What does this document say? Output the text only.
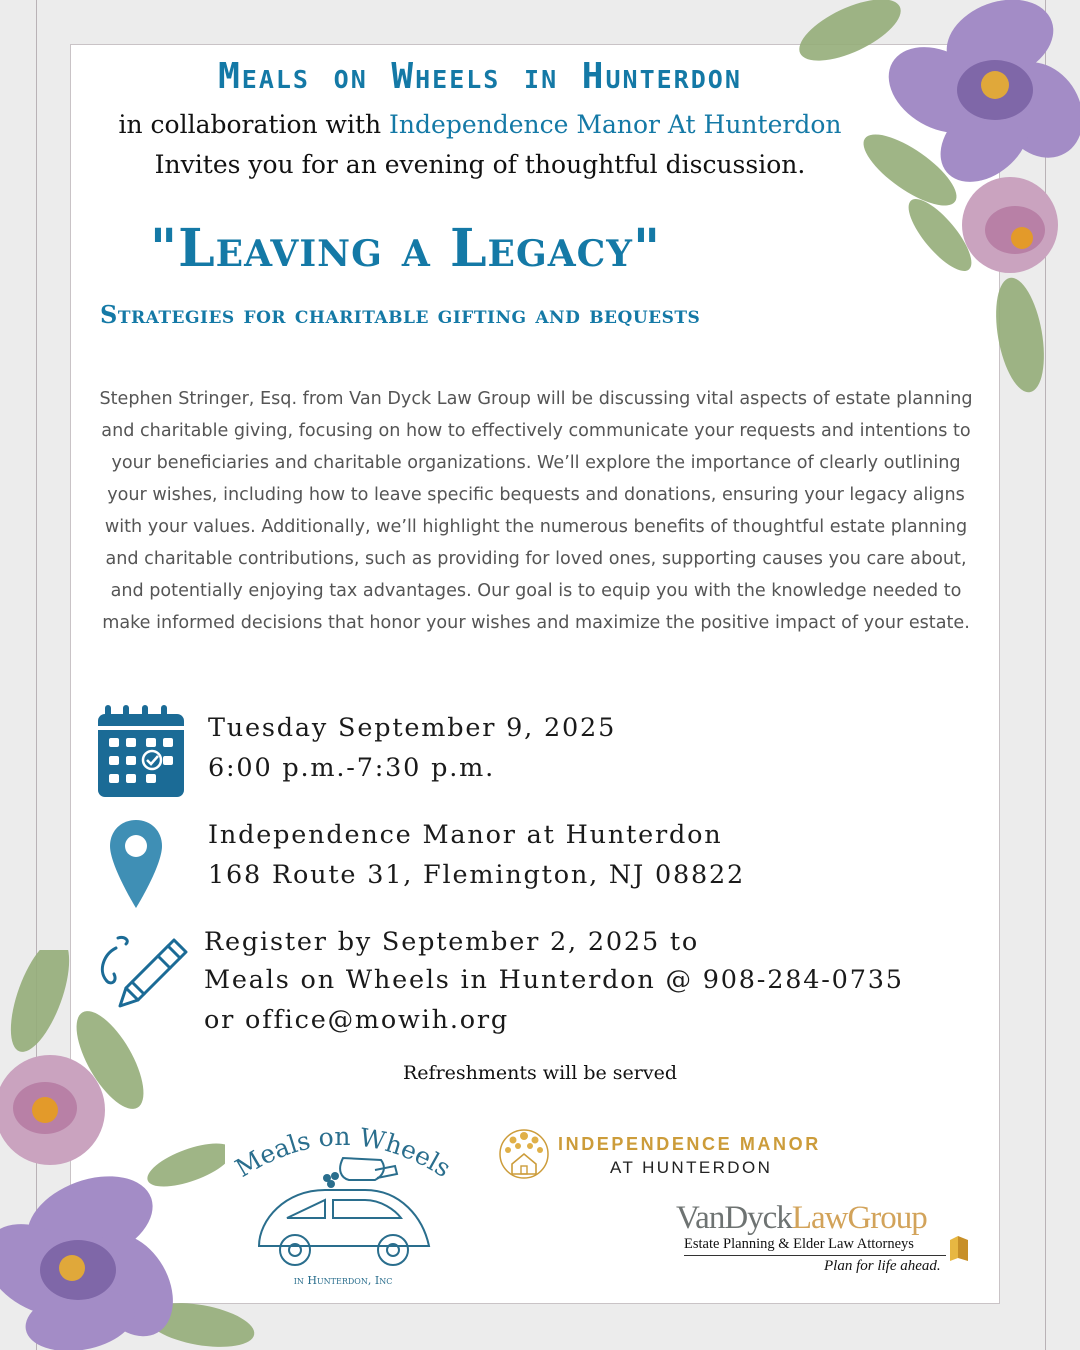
Meals on Wheels in Hunterdon
in collaboration with Independence Manor At Hunterdon
Invites you for an evening of thoughtful discussion.
"Leaving a Legacy"
Strategies for charitable gifting and bequests
Stephen Stringer, Esq. from Van Dyck Law Group will be discussing vital aspects of estate planning and charitable giving, focusing on how to effectively communicate your requests and intentions to your beneficiaries and charitable organizations. We’ll explore the importance of clearly outlining your wishes, including how to leave specific bequests and donations, ensuring your legacy aligns with your values. Additionally, we’ll highlight the numerous benefits of thoughtful estate planning and charitable contributions, such as providing for loved ones, supporting causes you care about, and potentially enjoying tax advantages. Our goal is to equip you with the knowledge needed to make informed decisions that honor your wishes and maximize the positive impact of your estate.
Tuesday September 9, 2025
6:00 p.m.-7:30 p.m.
Independence Manor at Hunterdon
168 Route 31, Flemington, NJ 08822
Register by September 2, 2025 to
Meals on Wheels in Hunterdon @ 908-284-0735
or office@mowih.org
Refreshments will be served
Meals on Wheels
in Hunterdon, Inc
INDEPENDENCE MANOR
AT HUNTERDON
VanDyckLawGroup
Estate Planning & Elder Law Attorneys
Plan for life ahead.
